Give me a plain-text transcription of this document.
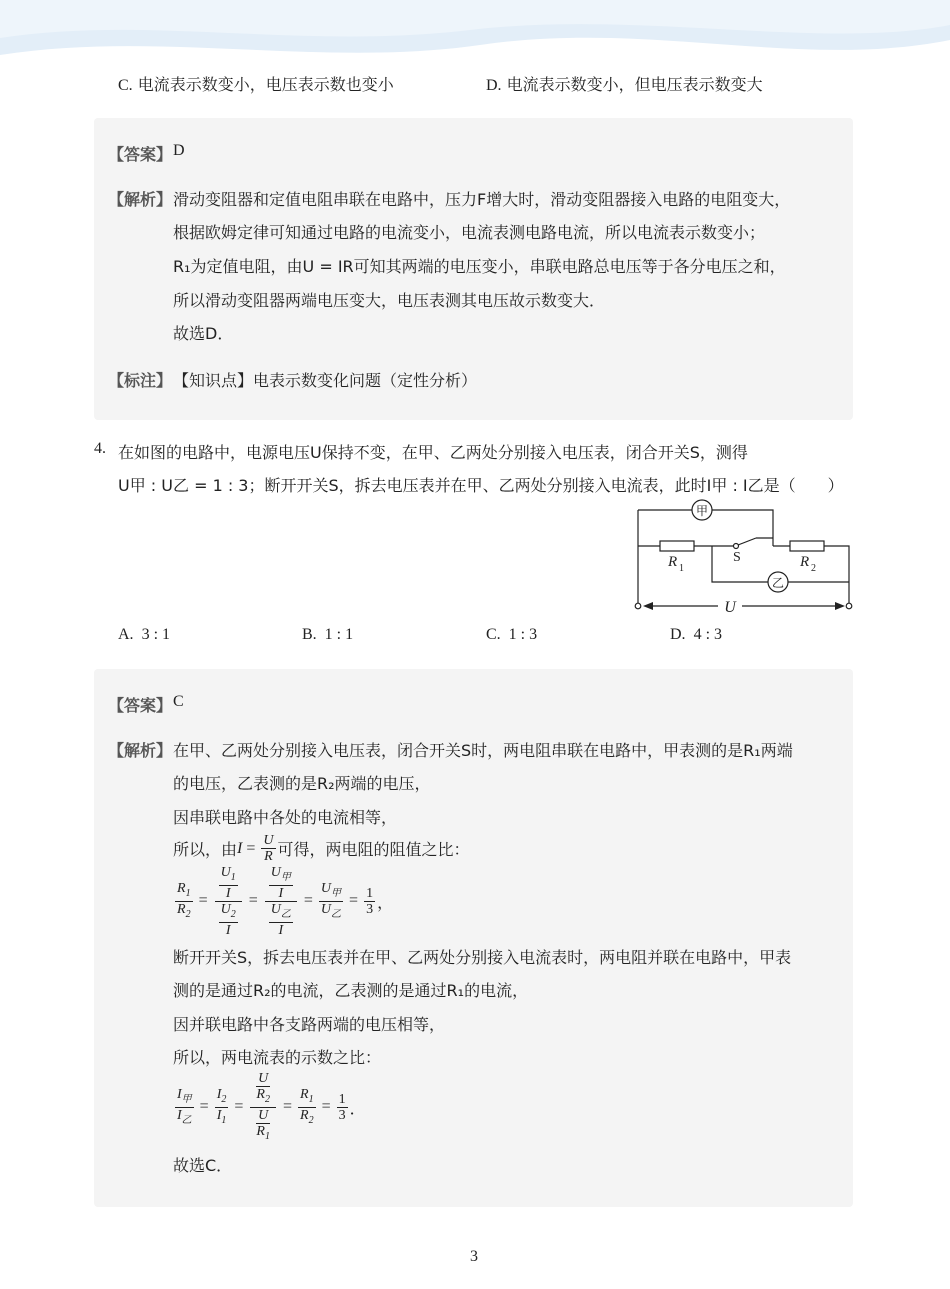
C. 电流表示数变小，电压表示数也变小	D. 电流表示数变小，但电压表示数变大
【答案】 D
【解析】 滑动变阻器和定值电阻串联在电路中，压力F增大时，滑动变阻器接入电路的电阻变大，
根据欧姆定律可知通过电路的电流变小，电流表测电路电流，所以电流表示数变小；
R₁为定值电阻，由U = IR可知其两端的电压变小，串联电路总电压等于各分电压之和，
所以滑动变阻器两端电压变大，电压表测其电压故示数变大．
故选D．
【标注】 【知识点】电表示数变化问题（定性分析）
4. 在如图的电路中，电源电压U保持不变，在甲、乙两处分别接入电压表，闭合开关S，测得
U甲 : U乙 = 1 : 3；断开开关S，拆去电压表并在甲、乙两处分别接入电流表，此时I甲 : I乙是（　　）
甲
乙
R 1
S	R 2
U
A. 3 : 1	B. 1 : 1	C. 1 : 3	D. 4 : 3
【答案】 C
【解析】 在甲、乙两处分别接入电压表，闭合开关S时，两电阻串联在电路中，甲表测的是R₁两端
的电压，乙表测的是R₂两端的电压，
因串联电路中各处的电流相等，
所以，由 $I = \frac{U}{R}$ 可得，两电阻的阻值之比：
$\frac{R_1}{R_2} = \frac{\frac{U_1}{I}}{\frac{U_2}{I}} = \frac{U_甲}{I}$
$\frac{U_乙}{I}$
= $\frac{U_甲}{U_乙} = \frac{1}{3}$ ，
断开开关S，拆去电压表并在甲、乙两处分别接入电流表时，两电阻并联在电路中，甲表
测的是通过R₂的电流，乙表测的是通过R₁的电流，
因并联电路中各支路两端的电压相等，
所以，两电流表的示数之比：
$\frac{I_甲}{I_乙} = \frac{I_2}{I_1} = \frac{\frac{U}{R_2}}{\frac{U}{R_1}} = \frac{R_1}{R_2} = \frac{1}{3}$ ．
故选C．
3
